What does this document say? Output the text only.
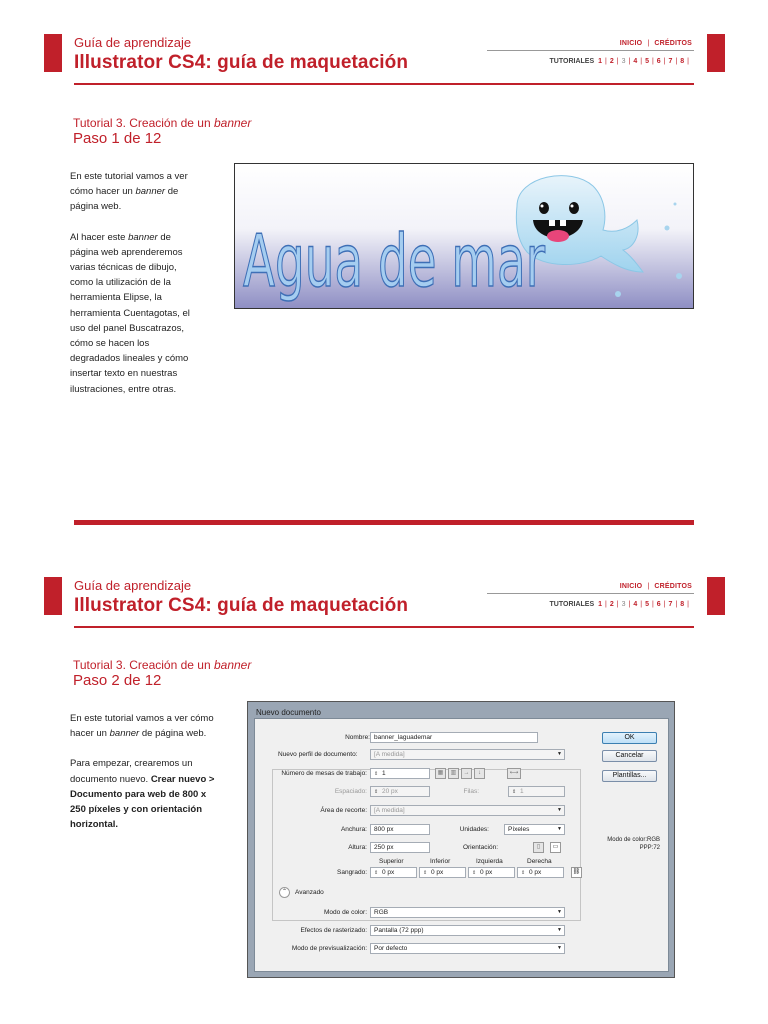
Guía de aprendizaje
Illustrator CS4: guía de maquetación
INICIO | CRÉDITOS
TUTORIALES 1 | 2 | 3 | 4 | 5 | 6 | 7 | 8 |
Tutorial 3. Creación de un banner
Paso 1 de 12

En este tutorial vamos a ver cómo hacer un banner de página web.

Al hacer este banner de página web aprenderemos varias técnicas de dibujo, como la utilización de la herramienta Elipse, la herramienta Cuentagotas, el uso del panel Buscatrazos, cómo se hacen los degradados lineales y cómo insertar texto en nuestras ilustraciones, entre otras.

Agua de mar
Guía de aprendizaje
Illustrator CS4: guía de maquetación
INICIO | CRÉDITOS
TUTORIALES 1 | 2 | 3 | 4 | 5 | 6 | 7 | 8 |
Tutorial 3. Creación de un banner
Paso 2 de 12

En este tutorial vamos a ver cómo hacer un banner de página web.

Para empezar, crearemos un documento nuevo. Crear nuevo > Documento para web de 800 x 250 píxeles y con orientación horizontal.

Nuevo documento
Nombre: banner_laguademar
Nuevo perfil de documento:	[A medida]	▼
Número de mesas de trabajo:	⇕ 1	▦	▥	→	↓	⟷
Espaciado:	⇕ 20 px	Filas:	⇕ 1
Área de recorte:	[A medida]	▼
Anchura:	800 px	Unidades:	Píxeles	▼
Altura:	250 px	Orientación:	▯	▭
Superior	Inferior	Izquierda	Derecha
Sangrado:	⇕ 0 px	⇕ 0 px	⇕ 0 px	⇕ 0 px	⛓
⌃	Avanzado
Modo de color:	RGB	▼
Efectos de rasterizado:	Pantalla (72 ppp)	▼
Modo de previsualización:	Por defecto	▼
OK
Cancelar
Plantillas...
Modo de color:RGB
PPP:72
